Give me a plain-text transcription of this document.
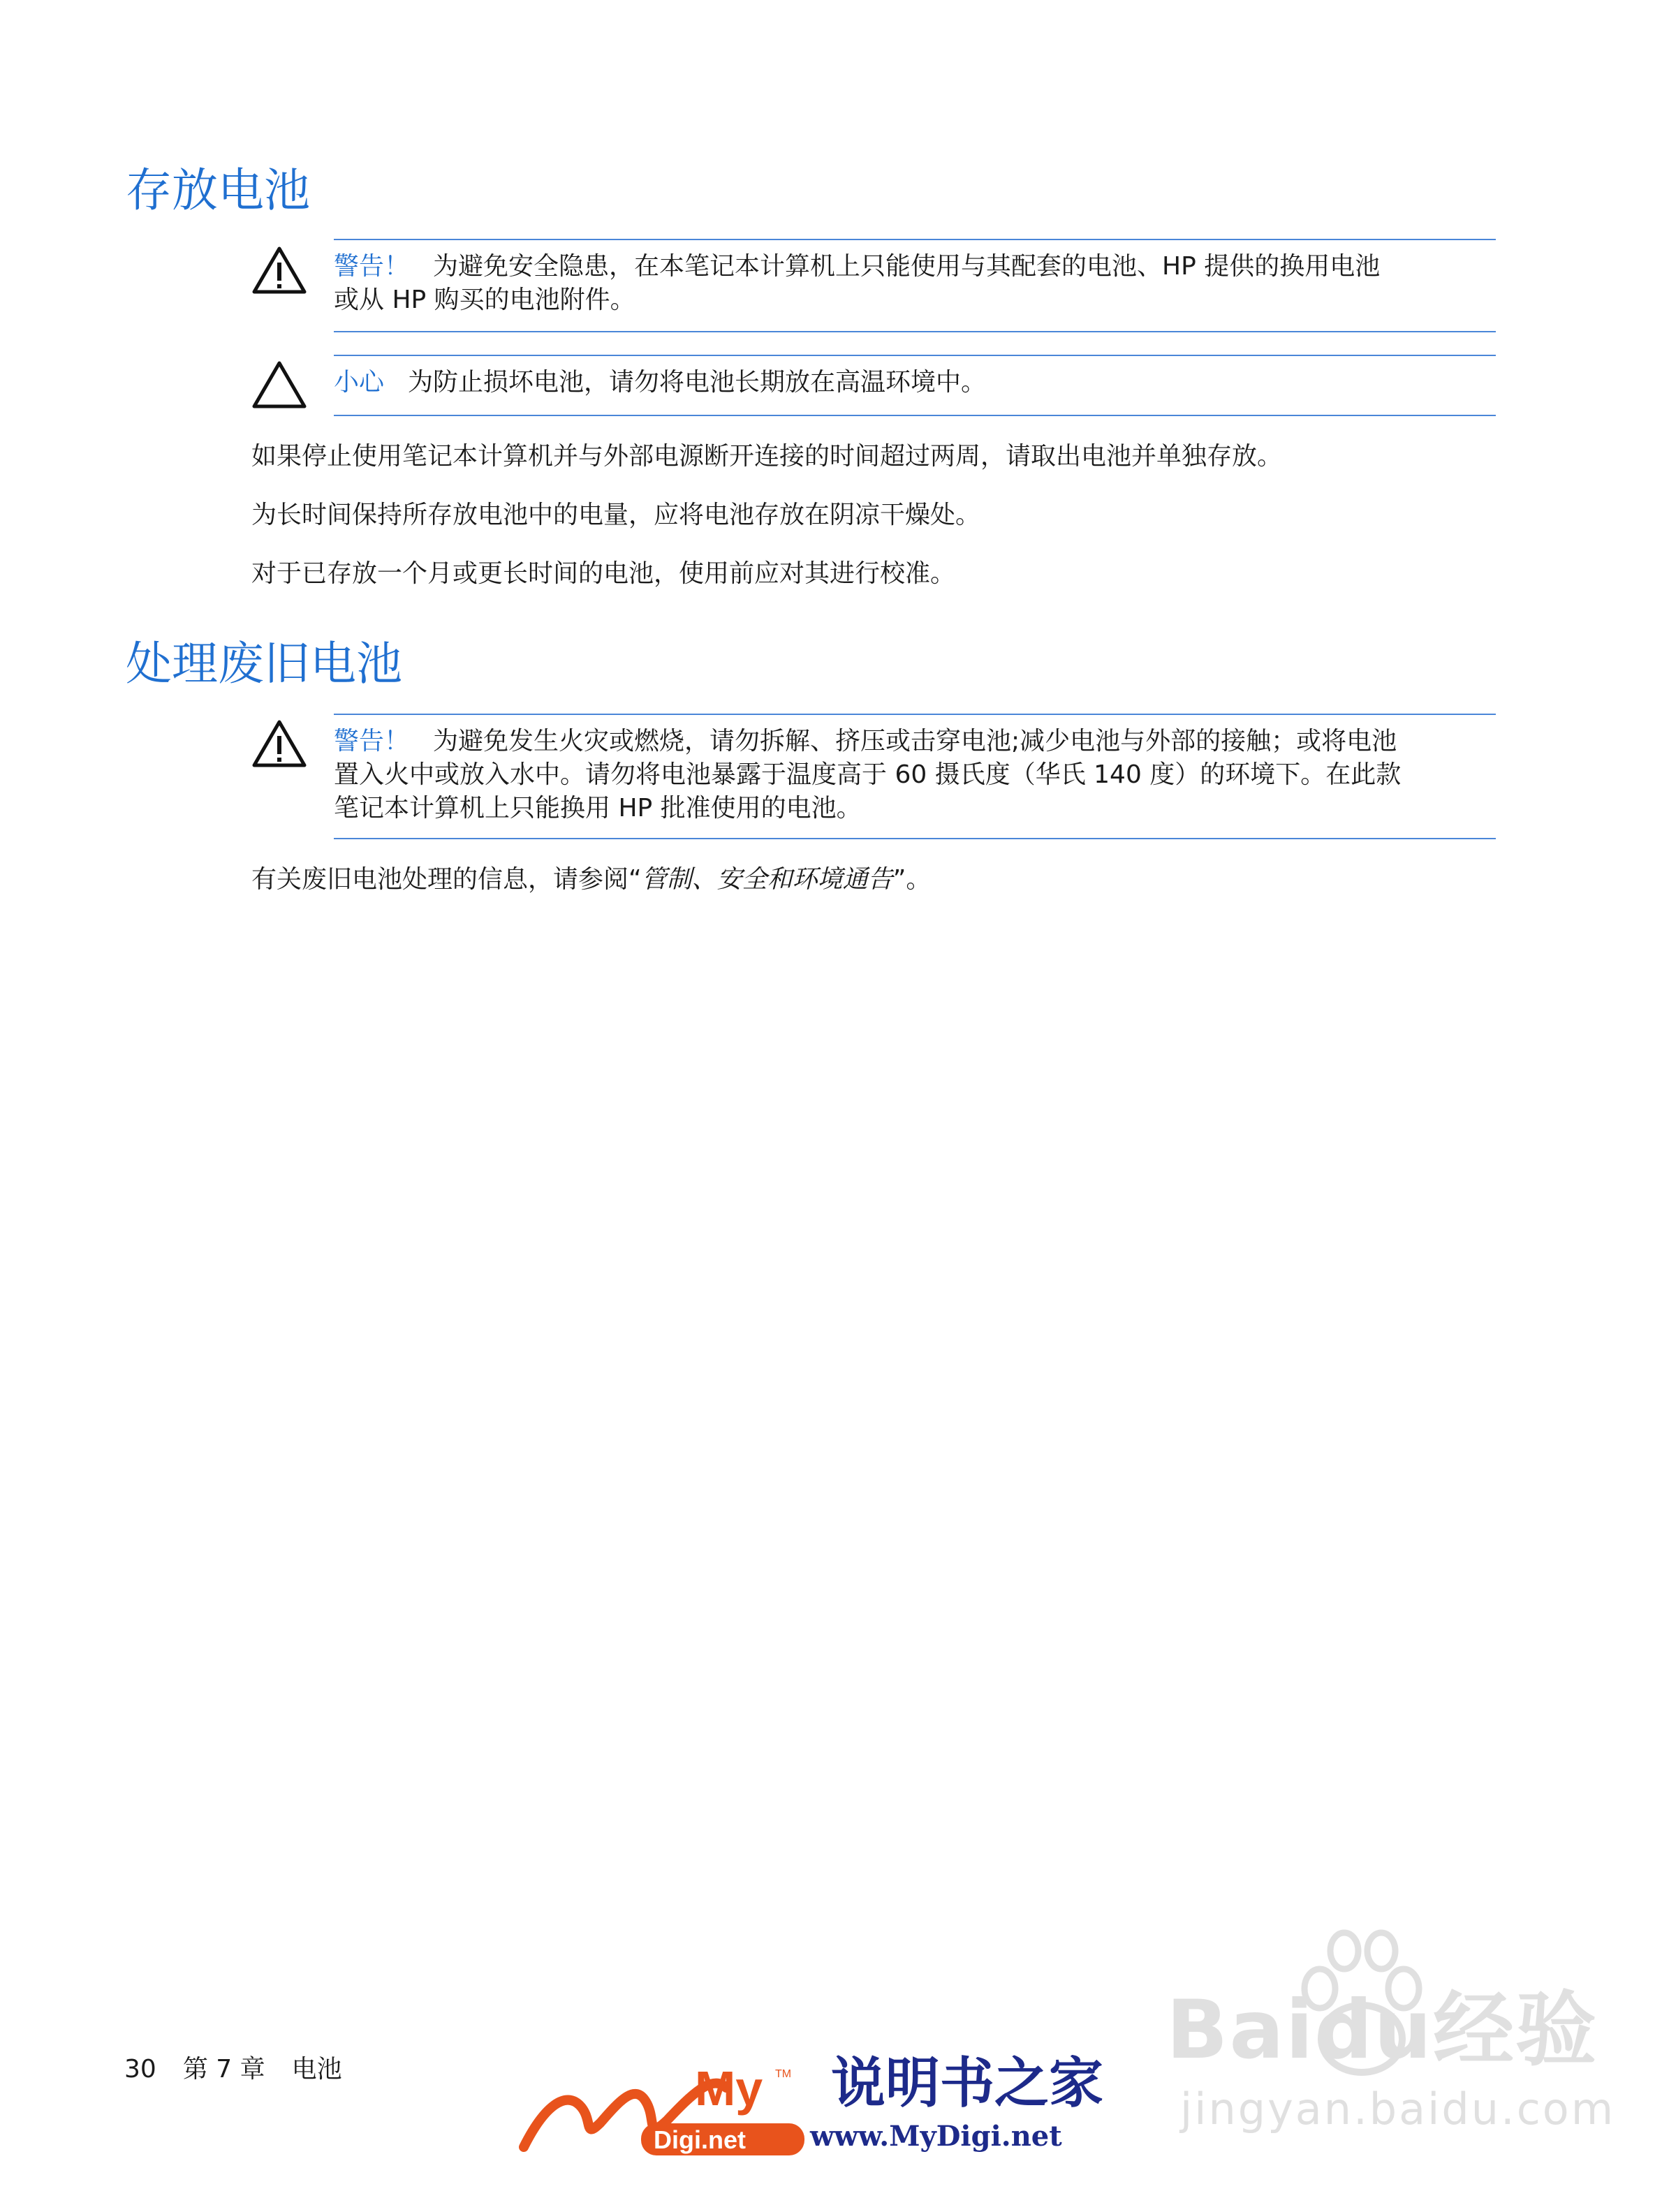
存放电池
警告！ 为避免安全隐患，在本笔记本计算机上只能使用与其配套的电池、HP 提供的换用电池
或从 HP 购买的电池附件。
小心 为防止损坏电池，请勿将电池长期放在高温环境中。

如果停止使用笔记本计算机并与外部电源断开连接的时间超过两周，请取出电池并单独存放。

为长时间保持所存放电池中的电量，应将电池存放在阴凉干燥处。

对于已存放一个月或更长时间的电池，使用前应对其进行校准。

处理废旧电池
警告！ 为避免发生火灾或燃烧，请勿拆解、挤压或击穿电池;减少电池与外部的接触；或将电池
置入火中或放入水中。请勿将电池暴露于温度高于 60 摄氏度（华氏 140 度）的环境下。在此款
笔记本计算机上只能换用 HP 批准使用的电池。

有关废旧电池处理的信息，请参阅“管制、安全和环境通告”。

30 第 7 章 电池	My TM
Digi.net
说明书之家
www.MyDigi.net
Baidu经验
jingyan.baidu.com
